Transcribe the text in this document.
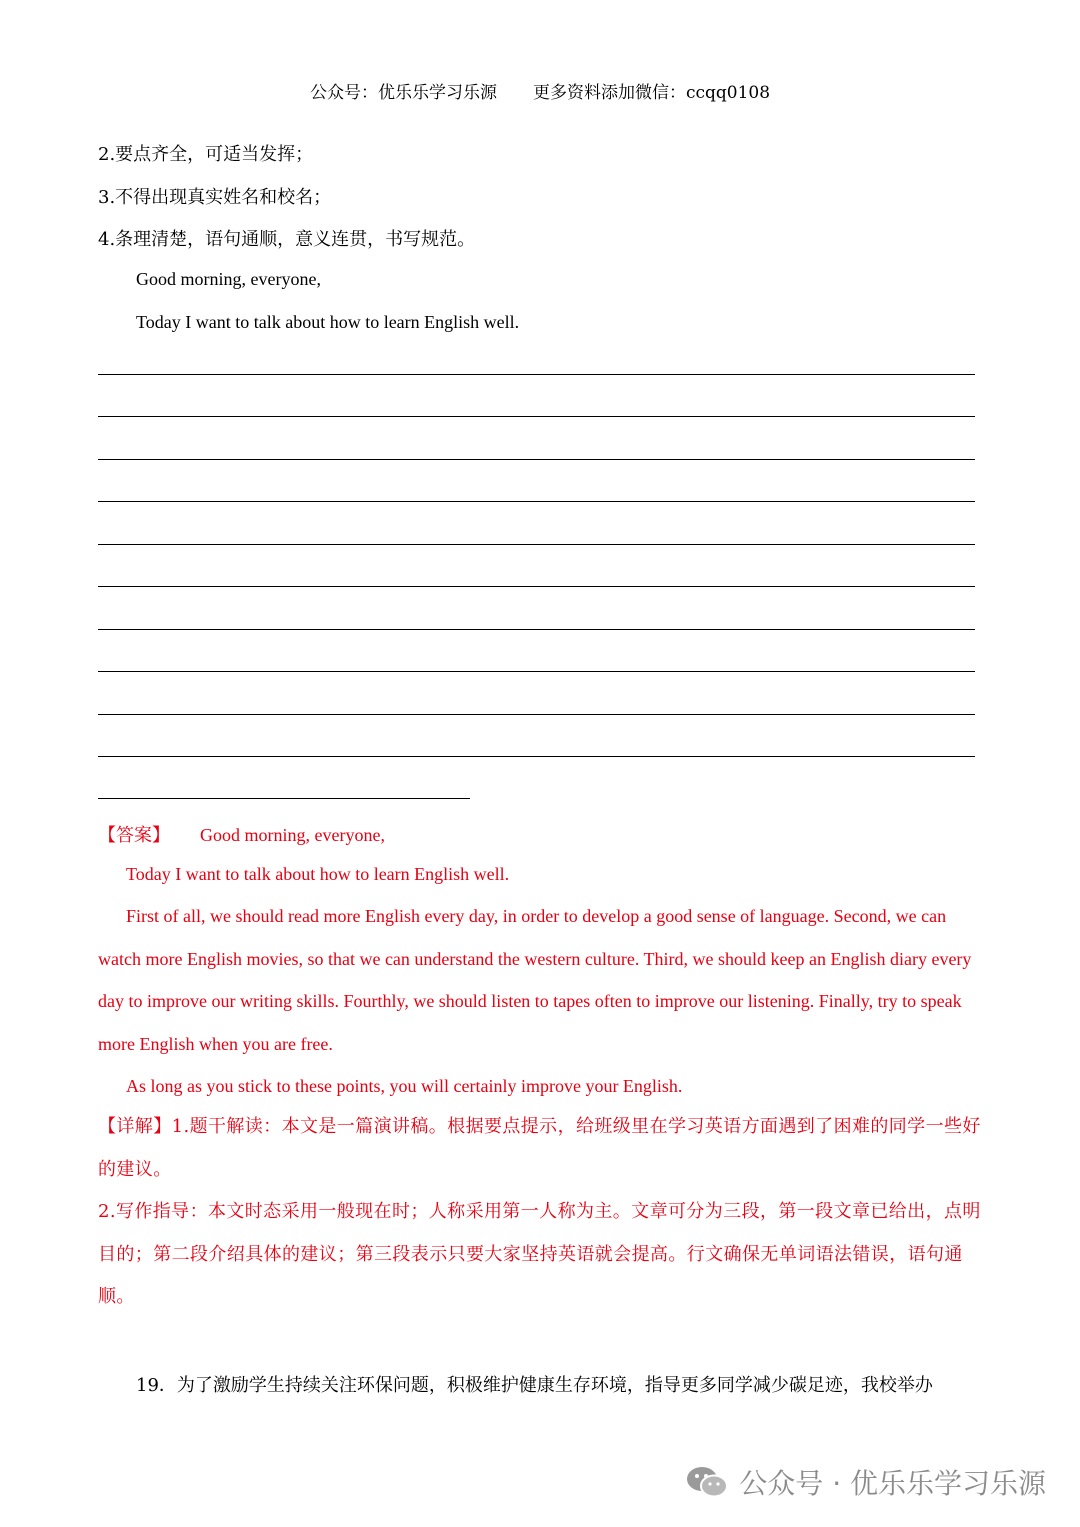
公众号：优乐乐学习乐源 更多资料添加微信：ccqq0108
2.要点齐全，可适当发挥；
3.不得出现真实姓名和校名；
4.条理清楚，语句通顺，意义连贯，书写规范。
Good morning, everyone,
Today I want to talk about how to learn English well.
【答案】 Good morning, everyone,
Today I want to talk about how to learn English well.
First of all, we should read more English every day, in order to develop a good sense of language. Second, we can watch more English movies, so that we can understand the western culture. Third, we should keep an English diary every day to improve our writing skills. Fourthly, we should listen to tapes often to improve our listening. Finally, try to speak more English when you are free.
As long as you stick to these points, you will certainly improve your English.
【详解】1.题干解读：本文是一篇演讲稿。根据要点提示，给班级里在学习英语方面遇到了困难的同学一些好的建议。
2.写作指导：本文时态采用一般现在时；人称采用第一人称为主。文章可分为三段，第一段文章已给出，点明目的；第二段介绍具体的建议；第三段表示只要大家坚持英语就会提高。行文确保无单词语法错误，语句通顺。
19．为了激励学生持续关注环保问题，积极维护健康生存环境，指导更多同学减少碳足迹，我校举办
公众号 · 优乐乐学习乐源
